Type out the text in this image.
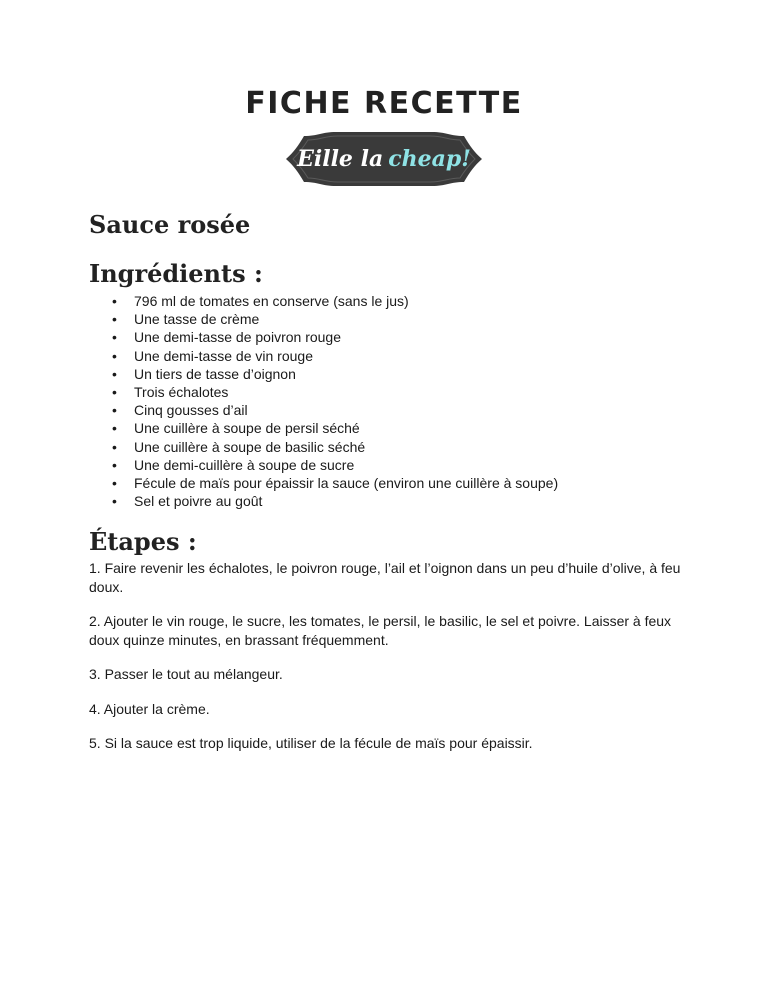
FICHE RECETTE
Eille la cheap!
Sauce rosée
Ingrédients :
• 796 ml de tomates en conserve (sans le jus)
• Une tasse de crème
• Une demi-tasse de poivron rouge
• Une demi-tasse de vin rouge
• Un tiers de tasse d’oignon
• Trois échalotes
• Cinq gousses d’ail
• Une cuillère à soupe de persil séché
• Une cuillère à soupe de basilic séché
• Une demi-cuillère à soupe de sucre
• Fécule de maïs pour épaissir la sauce (environ une cuillère à soupe)
• Sel et poivre au goût
Étapes :

1. Faire revenir les échalotes, le poivron rouge, l’ail et l’oignon dans un peu d’huile d’olive, à feu doux.

2. Ajouter le vin rouge, le sucre, les tomates, le persil, le basilic, le sel et poivre. Laisser à feux doux quinze minutes, en brassant fréquemment.

3. Passer le tout au mélangeur.

4. Ajouter la crème.

5. Si la sauce est trop liquide, utiliser de la fécule de maïs pour épaissir.
